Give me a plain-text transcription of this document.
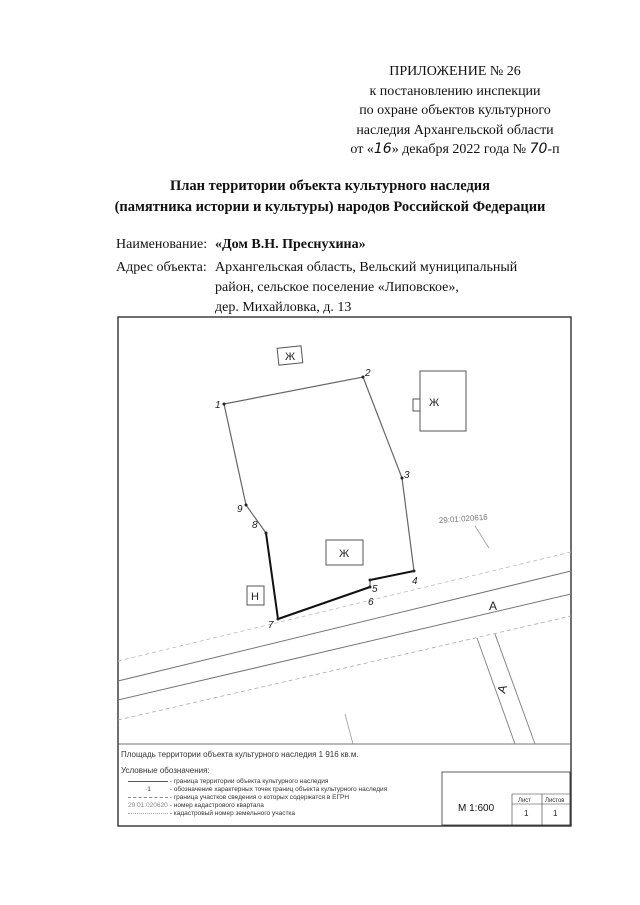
ПРИЛОЖЕНИЕ № 26
к постановлению инспекции
по охране объектов культурного
наследия Архангельской области
от «16» декабря 2022 года № 70-п
План территории объекта культурного наследия
(памятника истории и культуры) народов Российской Федерации
Наименование: «Дом В.Н. Преснухина»
Адрес объекта: Архангельская область, Вельский муниципальный
район, сельское поселение «Липовское»,
дер. Михайловка, д. 13
1
2
3
4
5
6
7
8
9
Ж
Ж
Ж
Н
А
А
29:01:020616
Лист Листов
1	1
Площадь территории объекта культурного наследия 1 916 кв.м.
Условные обозначения:
- граница территории объекта культурного наследия
·1	- обозначение характерных точек границ объекта культурного наследия
- граница участков сведения о которых содержатся в ЕГРН
29:01:020620 - номер кадастрового квартала
- кадастровый номер земельного участка	М 1:600
